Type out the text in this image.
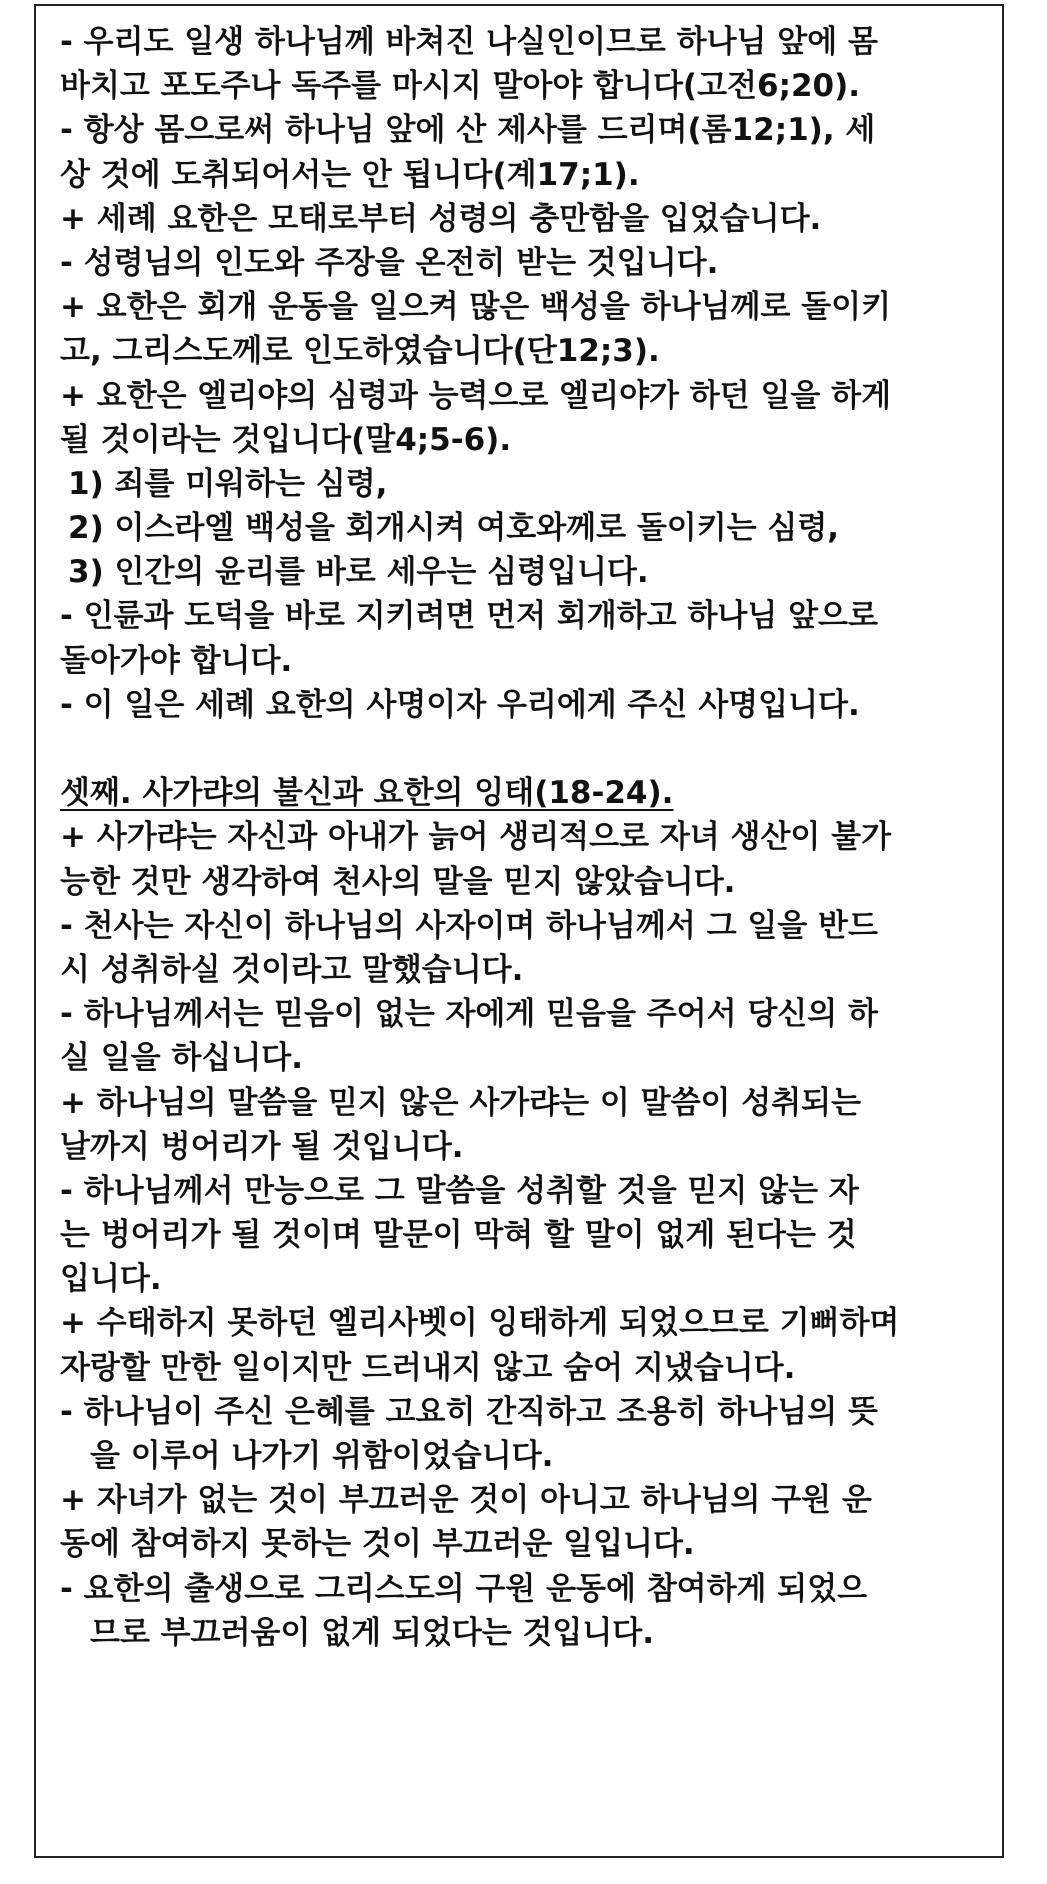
- 우리도 일생 하나님께 바쳐진 나실인이므로 하나님 앞에 몸
바치고 포도주나 독주를 마시지 말아야 합니다(고전6;20).
- 항상 몸으로써 하나님 앞에 산 제사를 드리며(롬12;1), 세
상 것에 도취되어서는 안 됩니다(계17;1).
+ 세례 요한은 모태로부터 성령의 충만함을 입었습니다.
- 성령님의 인도와 주장을 온전히 받는 것입니다.
+ 요한은 회개 운동을 일으켜 많은 백성을 하나님께로 돌이키
고, 그리스도께로 인도하였습니다(단12;3).
+ 요한은 엘리야의 심령과 능력으로 엘리야가 하던 일을 하게
될 것이라는 것입니다(말4;5-6).
1) 죄를 미워하는 심령,
2) 이스라엘 백성을 회개시켜 여호와께로 돌이키는 심령,
3) 인간의 윤리를 바로 세우는 심령입니다.
- 인륜과 도덕을 바로 지키려면 먼저 회개하고 하나님 앞으로
돌아가야 합니다.
- 이 일은 세례 요한의 사명이자 우리에게 주신 사명입니다.
셋째. 사가랴의 불신과 요한의 잉태(18-24).
+ 사가랴는 자신과 아내가 늙어 생리적으로 자녀 생산이 불가
능한 것만 생각하여 천사의 말을 믿지 않았습니다.
- 천사는 자신이 하나님의 사자이며 하나님께서 그 일을 반드
시 성취하실 것이라고 말했습니다.
- 하나님께서는 믿음이 없는 자에게 믿음을 주어서 당신의 하
실 일을 하십니다.
+ 하나님의 말씀을 믿지 않은 사가랴는 이 말씀이 성취되는
날까지 벙어리가 될 것입니다.
- 하나님께서 만능으로 그 말씀을 성취할 것을 믿지 않는 자
는 벙어리가 될 것이며 말문이 막혀 할 말이 없게 된다는 것
입니다.
+ 수태하지 못하던 엘리사벳이 잉태하게 되었으므로 기뻐하며
자랑할 만한 일이지만 드러내지 않고 숨어 지냈습니다.
- 하나님이 주신 은혜를 고요히 간직하고 조용히 하나님의 뜻
을 이루어 나가기 위함이었습니다.
+ 자녀가 없는 것이 부끄러운 것이 아니고 하나님의 구원 운
동에 참여하지 못하는 것이 부끄러운 일입니다.
- 요한의 출생으로 그리스도의 구원 운동에 참여하게 되었으
므로 부끄러움이 없게 되었다는 것입니다.
